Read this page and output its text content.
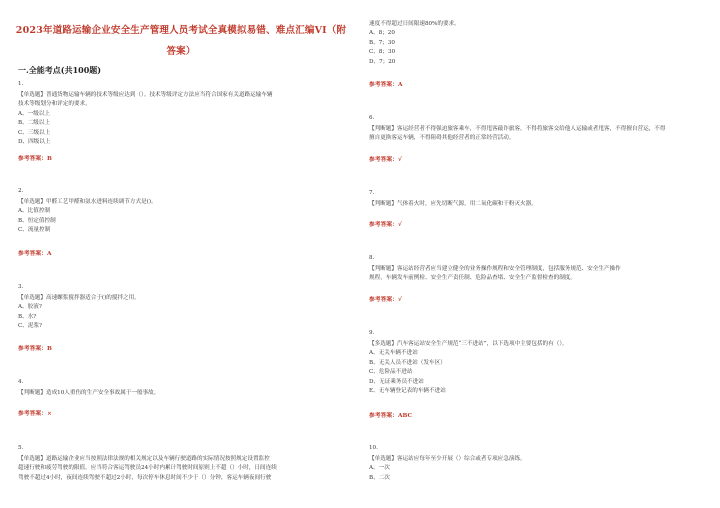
2023年道路运输企业安全生产管理人员考试全真模拟易错、难点汇编VI（附答案）
一.全能考点(共100题)
1.
【单选题】普通货物运输车辆的技术等级应达到（）。技术等级评定方法应当符合国家有关道路运输车辆
技术等级划分和评定的要求。
A、一级以上
B、二级以上
C、三级以上
D、四级以上
参考答案：B
2.
【单选题】甲醛工艺甲醛和氨水进料连续调节方式是()。
A、比值控制
B、恒定值控制
C、流量控制
参考答案：A
3.
【单选题】高速螺浆搅拌器适合于()的搅拌之用。
A、胶液?
B、水?
C、泥浆?
参考答案：B
4.
【判断题】造成10人重伤的生产安全事故属于一般事故。
参考答案：×
5.
【单选题】道路运输企业应当按照法律法规的相关规定以及车辆行驶道路的实际情况按照规定设置监控
超速行驶和疲劳驾驶的限值。应当符合客运驾驶员24小时内累计驾驶时间原则上不超（）小时，日间连续
驾驶不超过4小时，夜间连续驾驶不超过2小时，每次停车休息时间不少于（）分钟，客运车辆夜间行驶
速度不得超过日间限速80%的要求。
A、8；20
B、7；30
C、8；30
D、7；20
参考答案：A
6.
【判断题】客运经营者不得强迫旅客乘车，不得甩客敲诈旅客，不得将旅客交给他人运输或者甩客，不得擅自营运，不得
擅自更换客运车辆，不得阻碍其他经营者的正常经营活动。
参考答案：√
7.
【判断题】气体着火时，应先切断气源，用二氧化碳和干粉灭火器。
参考答案：√
8.
【判断题】客运站经营者应当建立健全的业务操作规程和安全管理制度，包括服务规范、安全生产操作
规程，车辆发车前例检、安全生产责任制、危险品查堵、安全生产监督检查的制度。
参考答案：√
9.
【多选题】汽车客运站安全生产规范“三不进站”，以下选项中主要包括的有（）。
A、无关车辆不进站
B、无关人员不进站（发车区）
C、危险品不进站
D、无证乘务员不进站
E、无车辆登记表的车辆不进站
参考答案：ABC
10.
【单选题】客运站应每年至少开展（）综合或者专项应急演练。
A、一次
B、二次
